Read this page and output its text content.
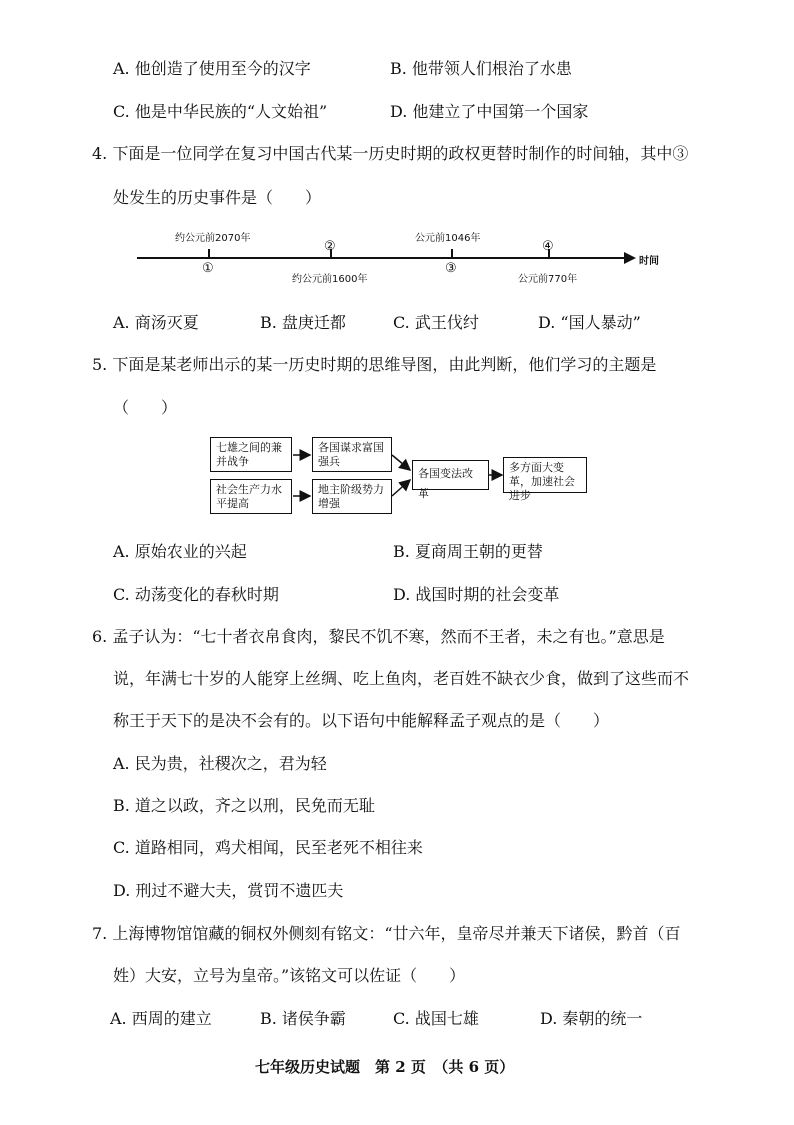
A. 他创造了使用至今的汉字	B. 他带领人们根治了水患
C. 他是中华民族的“人文始祖”	D. 他建立了中国第一个国家
4. 下面是一位同学在复习中国古代某一历史时期的政权更替时制作的时间轴，其中③
处发生的历史事件是（　　）
约公元前2070年
②
公元前1046年
④
①
约公元前1600年
③
公元前770年
时间
A. 商汤灭夏	B. 盘庚迁都	C. 武王伐纣	D. “国人暴动”
5. 下面是某老师出示的某一历史时期的思维导图，由此判断，他们学习的主题是
（　　）
七雄之间的兼并战争
各国谋求富国强兵
社会生产力水平提高
地主阶级势力增强
各国变法改革
多方面大变革，加速社会进步
A. 原始农业的兴起	B. 夏商周王朝的更替
C. 动荡变化的春秋时期	D. 战国时期的社会变革
6. 孟子认为：“七十者衣帛食肉，黎民不饥不寒，然而不王者，未之有也。”意思是
说，年满七十岁的人能穿上丝绸、吃上鱼肉，老百姓不缺衣少食，做到了这些而不
称王于天下的是决不会有的。以下语句中能解释孟子观点的是（　　）
A. 民为贵，社稷次之，君为轻
B. 道之以政，齐之以刑，民免而无耻
C. 道路相同，鸡犬相闻，民至老死不相往来
D. 刑过不避大夫，赏罚不遗匹夫
7. 上海博物馆馆藏的铜权外侧刻有铭文：“廿六年，皇帝尽并兼天下诸侯，黔首（百
姓）大安，立号为皇帝。”该铭文可以佐证（　　）
A. 西周的建立	B. 诸侯争霸	C. 战国七雄	D. 秦朝的统一
七年级历史试题　第 2 页　（共 6 页）
